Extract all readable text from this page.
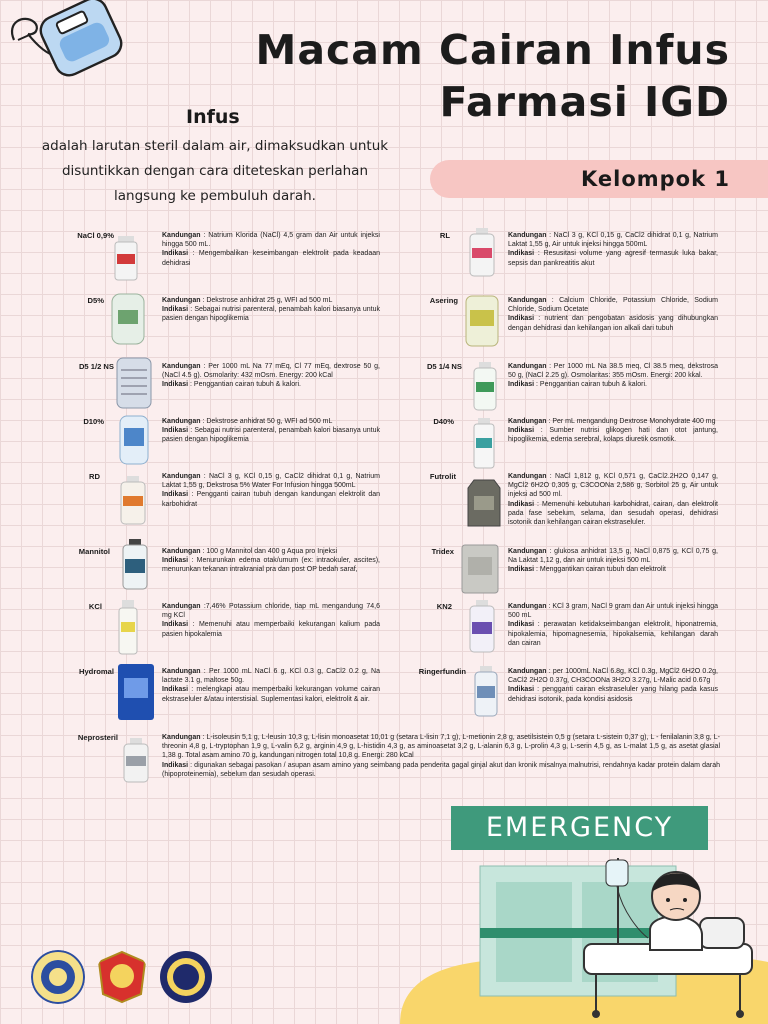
Macam Cairan Infus
Farmasi IGD
Infus
adalah larutan steril dalam air, dimaksudkan untuk
disuntikkan dengan cara diteteskan perlahan
langsung ke pembuluh darah.
Kelompok 1
NaCl 0,9%	Kandungan : Natrium Klorida (NaCl) 4,5 gram dan Air untuk injeksi hingga 500 mL.
Indikasi : Mengembalikan keseimbangan elektrolit pada keadaan dehidrasi
D5%	Kandungan : Dekstrose anhidrat 25 g, WFI ad 500 mL
Indikasi : Sebagai nutrisi parenteral, penambah kalori biasanya untuk pasien dengan hipoglikemia
D5 1/2 NS	Kandungan : Per 1000 mL Na 77 mEq, Cl 77 mEq, dextrose 50 g, (NaCl 4.5 g). Osmolarity: 432 mOsm. Energy: 200 kCal
Indikasi : Penggantian cairan tubuh & kalori.
D10%	Kandungan : Dekstrose anhidrat 50 g, WFI ad 500 mL
Indikasi : Sebagai nutrisi parenteral, penambah kalori biasanya untuk pasien dengan hipoglikemia
RD	Kandungan : NaCl 3 g, KCl 0,15 g, CaCl2 dihidrat 0,1 g, Natrium Laktat 1,55 g, Dekstrosa 5% Water For Infusion hingga 500mL
Indikasi : Pengganti cairan tubuh dengan kandungan elektrolit dan karbohidrat
Mannitol	Kandungan : 100 g Mannitol dan 400 g Aqua pro Injeksi
Indikasi : Menurunkan edema otak/umum (ex: intraokuler, ascites), menurunkan tekanan intrakranial pra dan post OP bedah saraf,
KCl	Kandungan :7,46% Potassium chloride, tiap mL mengandung 74,6 mg KCl
Indikasi : Memenuhi atau memperbaiki kekurangan kalium pada pasien hipokalemia
Hydromal	Kandungan : Per 1000 mL NaCl 6 g, KCl 0.3 g, CaCl2 0.2 g, Na lactate 3.1 g, maltose 50g.
Indikasi : melengkapi atau memperbaiki kekurangan volume cairan ekstraseluler &/atau interstisial. Suplementasi kalori, elektrolit & air.
RL	Kandungan : NaCl 3 g, KCl 0,15 g, CaCl2 dihidrat 0,1 g, Natrium Laktat 1,55 g, Air untuk injeksi hingga 500mL
Indikasi : Resusitasi volume yang agresif termasuk luka bakar, sepsis dan pankreatitis akut
Asering	Kandungan : Calcium Chloride, Potassium Chloride, Sodium Chloride, Sodium Ocetate
Indikasi : nutrient dan pengobatan asidosis yang dihubungkan dengan dehidrasi dan kehilangan ion alkali dari tubuh
D5 1/4 NS	Kandungan : Per 1000 mL Na 38.5 meq, Cl 38.5 meq, dekstrosa 50 g, (NaCl 2.25 g). Osmolaritas: 355 mOsm. Energi: 200 kkal.
Indikasi : Penggantian cairan tubuh & kalori.
D40%	Kandungan : Per mL mengandung Dextrose Monohydrate 400 mg
Indikasi : Sumber nutrisi glikogen hati dan otot jantung, hipoglikemia, edema serebral, kolaps diuretik osmotik.
Futrolit	Kandungan : NaCl 1,812 g, KCl 0,571 g, CaCl2.2H2O 0,147 g, MgCl2 6H2O 0,305 g, C3COONa 2,586 g, Sorbitol 25 g, Air untuk injeksi ad 500 ml.
Indikasi : Memenuhi kebutuhan karbohidrat, cairan, dan elektrolit pada fase sebelum, selama, dan sesudah operasi, dehidrasi isotonik dan kehilangan cairan ekstraseluler.
Tridex	Kandungan : glukosa anhidrat 13,5 g, NaCl 0,875 g, KCl 0,75 g, Na Laktat 1,12 g, dan air untuk injeksi 500 mL
Indikasi : Menggantikan cairan tubuh dan elektrolit
KN2	Kandungan : KCl 3 gram, NaCl 9 gram dan Air untuk injeksi hingga 500 mL
Indikasi : perawatan ketidakseimbangan elektrolit, hiponatremia, hipokalemia, hipomagnesemia, hipokalsemia, kehilangan darah dan cairan
Ringerfundin	Kandungan : per 1000mL NaCl 6.8g, KCl 0.3g, MgCl2 6H2O 0.2g, CaCl2 2H2O 0.37g, CH3COONa 3H2O 3.27g, L-Malic acid 0.67g
Indikasi : pengganti cairan ekstraseluler yang hilang pada kasus dehidrasi isotonik, pada kondisi asidosis
Neprosteril	Kandungan : L-isoleusin 5,1 g, L-leusin 10,3 g, L-lisin monoasetat 10,01 g (setara L-lisin 7,1 g), L-metionin 2,8 g, asetilsistein 0,5 g (setara L-sistein 0,37 g), L - fenilalanin 3,8 g, L-threonin 4,8 g, L-tryptophan 1,9 g, L-valin 6,2 g, arginin 4,9 g, L-histidin 4,3 g, as aminoasetat 3,2 g, L-alanin 6,3 g, L-prolin 4,3 g, L-serin 4,5 g, as L-malat 1,5 g, as asetat glasial 1,38 g. Total asam amino 70 g, kandungan nitrogen total 10,8 g. Energi: 280 kCal
Indikasi : digunakan sebagai pasokan / asupan asam amino yang seimbang pada penderita gagal ginjal akut dan kronik misalnya malnutrisi, rendahnya kadar protein dalam darah (hipoproteinemia), sebelum dan sesudah operasi.
EMERGENCY
